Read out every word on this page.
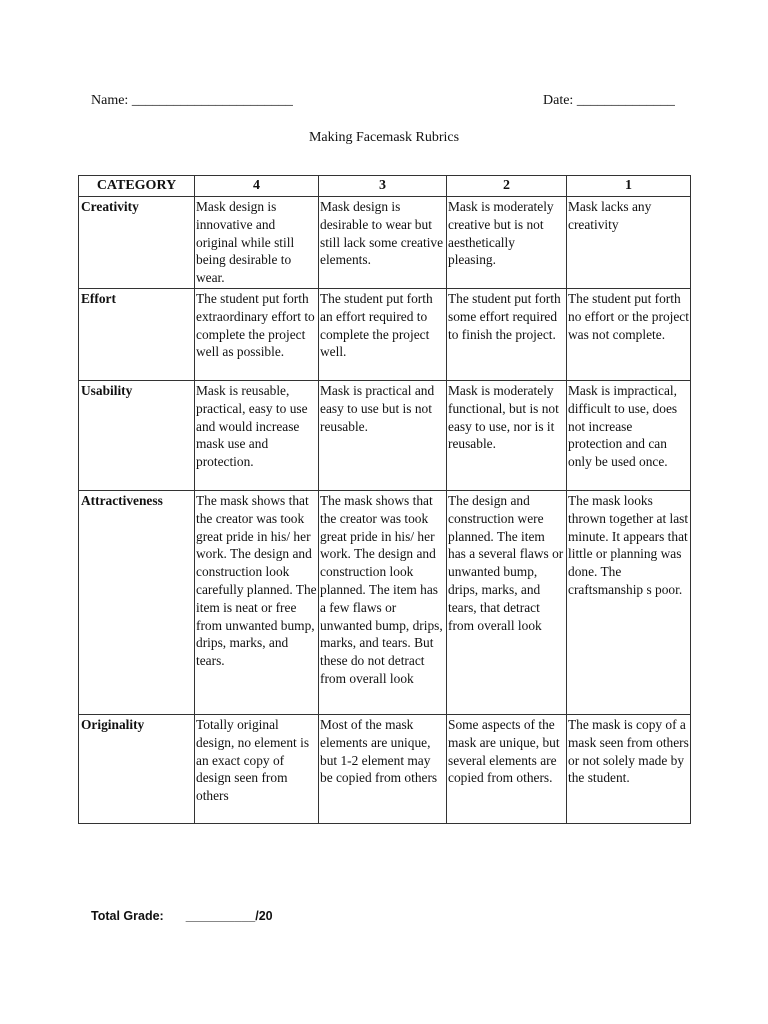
Name: _______________________	Date: ______________
Making Facemask Rubrics
CATEGORY	4	3	2	1
Creativity	Mask design is innovative and original while still being desirable to wear.	Mask design is desirable to wear but still lack some creative elements.	Mask is moderately creative but is not aesthetically pleasing.	Mask lacks any creativity
Effort	The student put forth extraordinary effort to complete the project well as possible.	The student put forth an effort required to complete the project well.	The student put forth some effort required to finish the project.	The student put forth no effort or the project was not complete.
Usability	Mask is reusable, practical, easy to use and would increase mask use and protection.	Mask is practical and easy to use but is not reusable.	Mask is moderately functional, but is not easy to use, nor is it reusable.	Mask is impractical, difficult to use, does not increase protection and can only be used once.
Attractiveness	The mask shows that the creator was took great pride in his/ her work. The design and construction look carefully planned. The item is neat or free from unwanted bump, drips, marks, and tears.	The mask shows that the creator was took great pride in his/ her work. The design and construction look planned. The item has a few flaws or unwanted bump, drips, marks, and tears. But these do not detract from overall look	The design and construction were planned. The item has a several flaws or unwanted bump, drips, marks, and tears, that detract from overall look	The mask looks thrown together at last minute. It appears that little or planning was done. The craftsmanship s poor.
Originality	Totally original design, no element is an exact copy of design seen from others	Most of the mask elements are unique, but 1-2 element may be copied from others	Some aspects of the mask are unique, but several elements are copied from others.	The mask is copy of a mask seen from others or not solely made by the student.
Total Grade: __________/20
